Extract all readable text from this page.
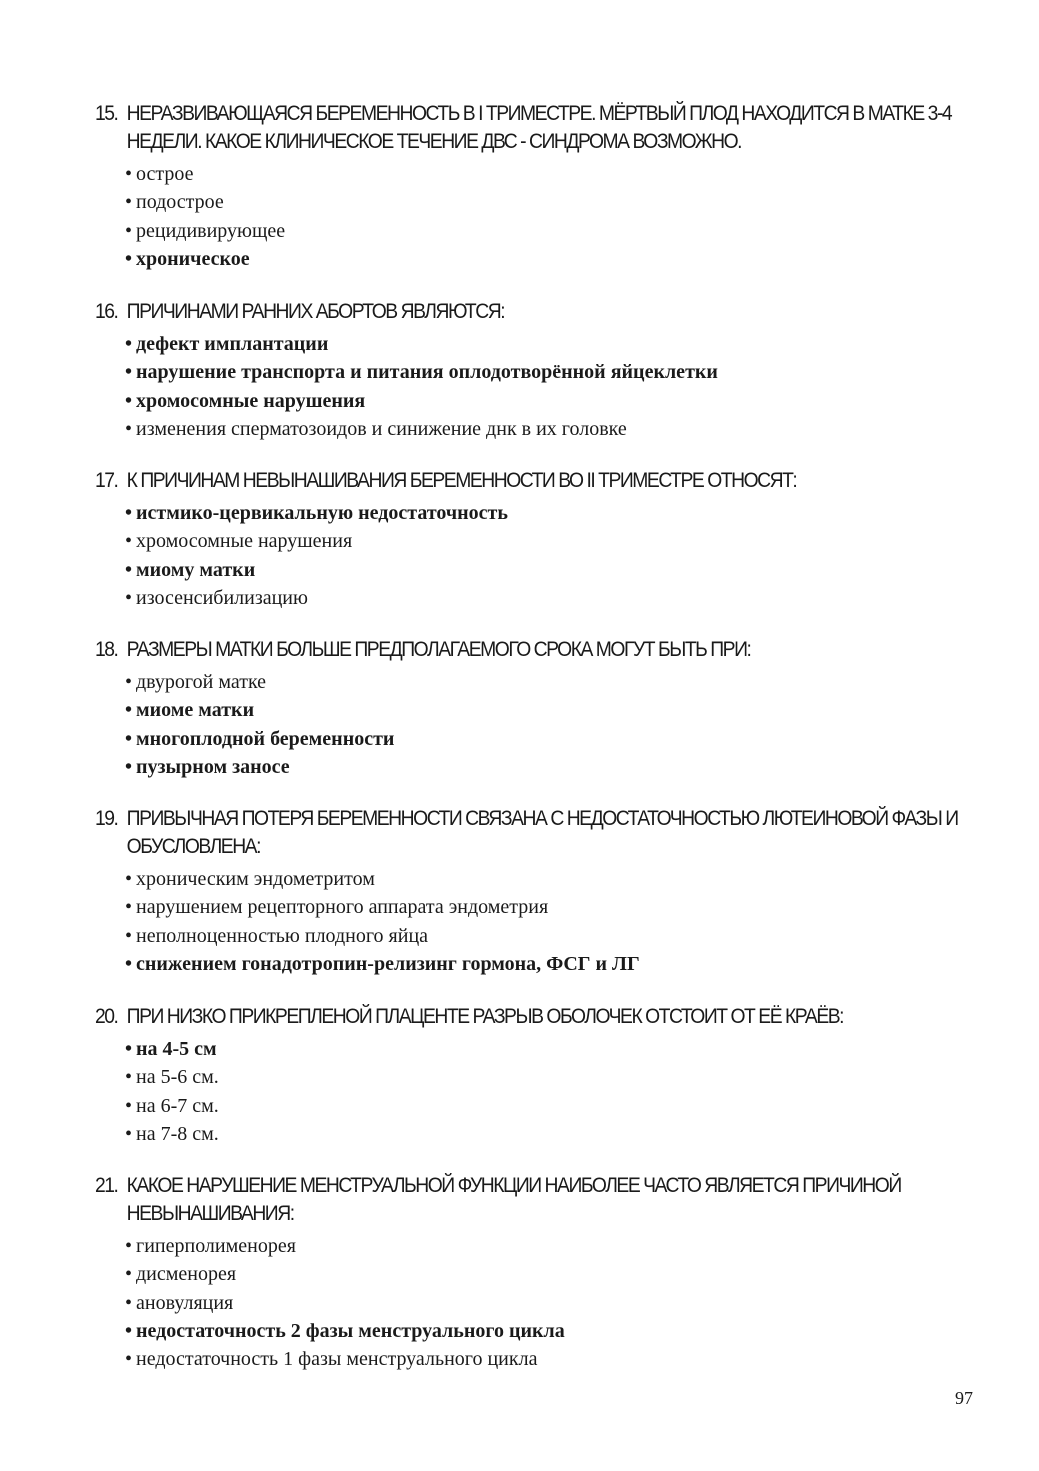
15. НЕРАЗВИВАЮЩАЯСЯ БЕРЕМЕННОСТЬ В I ТРИМЕСТРЕ. МЁРТВЫЙ ПЛОД НАХОДИТСЯ В МАТКЕ 3-4 НЕДЕЛИ. КАКОЕ КЛИНИЧЕСКОЕ ТЕЧЕНИЕ ДВС - СИНДРОМА ВОЗМОЖНО.
• острое
• подострое
• рецидивирующее
• хроническое
16. ПРИЧИНАМИ РАННИХ АБОРТОВ ЯВЛЯЮТСЯ:
• дефект имплантации
• нарушение транспорта и питания оплодотворённой яйцеклетки
• хромосомные нарушения
• изменения сперматозоидов и синижение днк в их головке
17. К ПРИЧИНАМ НЕВЫНАШИВАНИЯ БЕРЕМЕННОСТИ ВО II ТРИМЕСТРЕ ОТНОСЯТ:
• истмико-цервикальную недостаточность
• хромосомные нарушения
• миому матки
• изосенсибилизацию
18. РАЗМЕРЫ МАТКИ БОЛЬШЕ ПРЕДПОЛАГАЕМОГО СРОКА МОГУТ БЫТЬ ПРИ:
• двурогой матке
• миоме матки
• многоплодной беременности
• пузырном заносе
19. ПРИВЫЧНАЯ ПОТЕРЯ БЕРЕМЕННОСТИ СВЯЗАНА С НЕДОСТАТОЧНОСТЬЮ ЛЮТЕИНОВОЙ ФАЗЫ И ОБУСЛОВЛЕНА:
• хроническим эндометритом
• нарушением рецепторного аппарата эндометрия
• неполноценностью плодного яйца
• снижением гонадотропин-релизинг гормона, ФСГ и ЛГ
20. ПРИ НИЗКО ПРИКРЕПЛЕНОЙ ПЛАЦЕНТЕ РАЗРЫВ ОБОЛОЧЕК ОТСТОИТ ОТ ЕЁ КРАЁВ:
• на 4-5 см
• на 5-6 см.
• на 6-7 см.
• на 7-8 см.
21. КАКОЕ НАРУШЕНИЕ МЕНСТРУАЛЬНОЙ ФУНКЦИИ НАИБОЛЕЕ ЧАСТО ЯВЛЯЕТСЯ ПРИЧИНОЙ НЕВЫНАШИВАНИЯ:
• гиперполименорея
• дисменорея
• ановуляция
• недостаточность 2 фазы менструального цикла
• недостаточность 1 фазы менструального цикла
97
